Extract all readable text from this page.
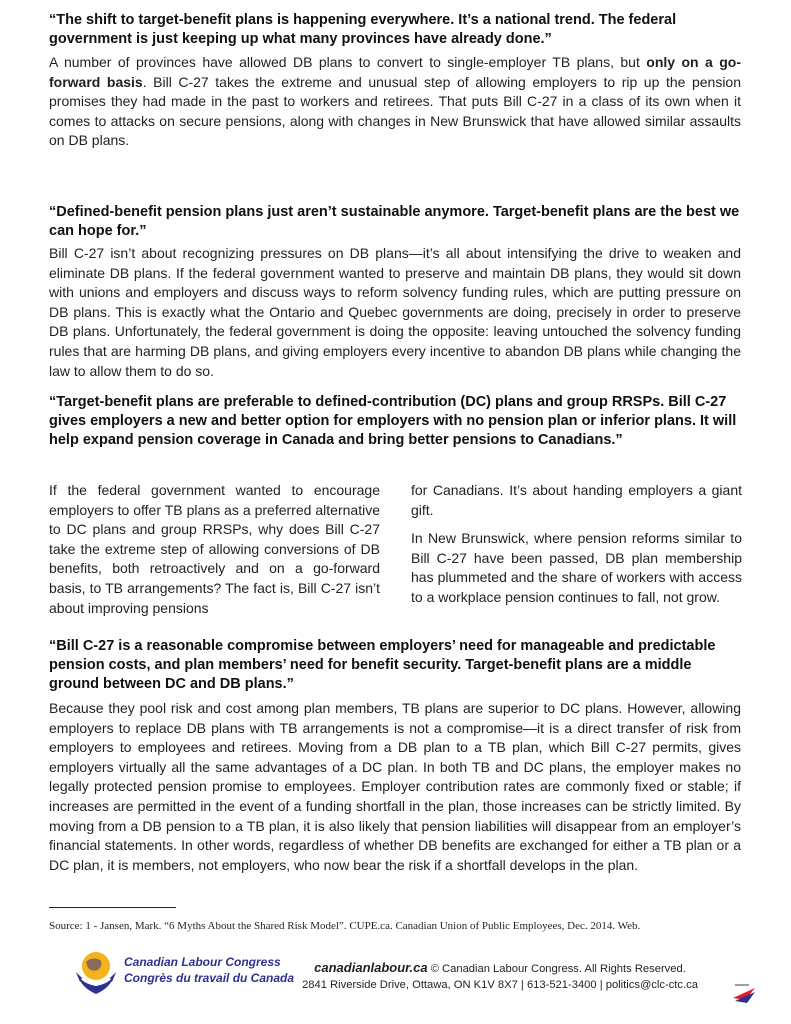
“The shift to target-benefit plans is happening everywhere. It’s a national trend. The federal government is just keeping up what many provinces have already done.”
A number of provinces have allowed DB plans to convert to single-employer TB plans, but only on a go-forward basis. Bill C-27 takes the extreme and unusual step of allowing employers to rip up the pension promises they had made in the past to workers and retirees. That puts Bill C-27 in a class of its own when it comes to attacks on secure pensions, along with changes in New Brunswick that have allowed similar assaults on DB plans.
“Defined-benefit pension plans just aren’t sustainable anymore. Target-benefit plans are the best we can hope for.”
Bill C-27 isn’t about recognizing pressures on DB plans—it’s all about intensifying the drive to weaken and eliminate DB plans. If the federal government wanted to preserve and maintain DB plans, they would sit down with unions and employers and discuss ways to reform solvency funding rules, which are putting pressure on DB plans. This is exactly what the Ontario and Quebec governments are doing, precisely in order to preserve DB plans. Unfortunately, the federal government is doing the opposite: leaving untouched the solvency funding rules that are harming DB plans, and giving employers every incentive to abandon DB plans while changing the law to allow them to do so.
“Target-benefit plans are preferable to defined-contribution (DC) plans and group RRSPs. Bill C-27 gives employers a new and better option for employers with no pension plan or inferior plans. It will help expand pension coverage in Canada and bring better pensions to Canadians.”

If the federal government wanted to encourage employers to offer TB plans as a preferred alternative to DC plans and group RRSPs, why does Bill C-27 take the extreme step of allowing conversions of DB benefits, both retroactively and on a go-forward basis, to TB arrangements? The fact is, Bill C-27 isn’t about improving pensions

for Canadians. It’s about handing employers a giant gift.

In New Brunswick, where pension reforms similar to Bill C-27 have been passed, DB plan membership has plummeted and the share of workers with access to a workplace pension continues to fall, not grow.

“Bill C-27 is a reasonable compromise between employers’ need for manageable and predictable pension costs, and plan members’ need for benefit security. Target-benefit plans are a middle ground between DC and DB plans.”
Because they pool risk and cost among plan members, TB plans are superior to DC plans. However, allowing employers to replace DB plans with TB arrangements is not a compromise—it is a direct transfer of risk from employers to employees and retirees. Moving from a DB plan to a TB plan, which Bill C-27 permits, gives employers virtually all the same advantages of a DC plan. In both TB and DC plans, the employer makes no legally protected pension promise to employees. Employer contribution rates are commonly fixed or stable; if increases are permitted in the event of a funding shortfall in the plan, those increases can be strictly limited. By moving from a DB pension to a TB plan, it is also likely that pension liabilities will disappear from an employer’s financial statements. In other words, regardless of whether DB benefits are exchanged for either a TB plan or a DC plan, it is members, not employers, who now bear the risk if a shortfall develops in the plan.
Source: 1 - Jansen, Mark. “6 Myths About the Shared Risk Model”. CUPE.ca. Canadian Union of Public Employees, Dec. 2014. Web.
Canadian Labour Congress
Congrès du travail du Canada
canadianlabour.ca © Canadian Labour Congress. All Rights Reserved.
2841 Riverside Drive, Ottawa, ON K1V 8X7 | 613-521-3400 | politics@clc-ctc.ca
